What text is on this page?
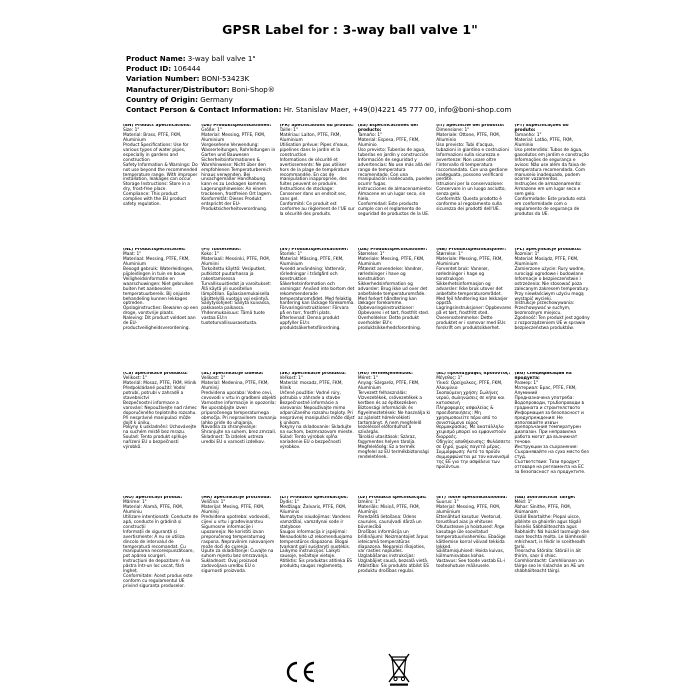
GPSR Label for : 3-way ball valve 1"
Product Name: 3-way ball valve 1"
Product ID: 106444
Variation Number: BONI-53423K
Manufacturer/Distributor: Boni-Shop®
Country of Origin: Germany
Contact Person & Contact Information: Hr. Stanislav Maer, +49(0)4221 45 777 00, info@boni-shop.com
(EN) Product Specifications:
Size: 1"
Material: Brass, PTFE, FKM, Aluminium
Product Specifications: Use for various types of water pipes, especially in gardens and construction
Safety Information & Warnings: Do not use beyond the recommended temperature range. With improper installation, leakages can occur.
Storage Instructions: Store in a dry, frost-free place.
Compliance: This product complies with the EU product safety regulation.
(DE) Produktspezifikationen:
Größe: 1"
Material: Messing, PTFE, FKM, Aluminium
Vorgesehene Verwendung: Wasserleitungen, Rohrleitungen in Garten und Bauwesen
Sicherheitsinformationen & Warnhinweise: Nicht über den empfohlenen Temperaturbereich hinaus verwenden. Bei unsachgemäßer Handhabung kann es zu Leckagen kommen.
Lagerungshinweise: An einem trockenen, frostfreien Ort lagern.
Konformität: Dieses Produkt entspricht der EU-Produktsicherheitsverordnung.
(FR) Spécifications du produit:
Taille: 1"
Matériau: Laiton, PTFE, FKM, Aluminium
Utilisation prévue: Pipes d'eaux, pipelines dans le jardin et la construction
Informations de sécurité et avertissements: Ne pas utiliser hors de la plage de température recommandée. En cas de manipulation inappropriée, des fuites peuvent se produire.
Instructions de stockage: Conserver dans un endroit sec, sans gel.
Conformité: Ce produit est conforme au règlement de l'UE sur la sécurité des produits.
(ES) Especificaciones del producto:
Tamaño: 1"
Material: Espesa, PTFE, FKM, Aluminio
Uso previsto: Tuberías de agua, tuberías en jardín y construcción
Información de seguridad y advertencias: No use más allá del rango de temperatura recomendado. Con una manipulación inadecuada, pueden ocurrir fugas.
Instrucciones de almacenamiento: Almacene en un lugar seco, sin hielo.
Conformidad: Este producto cumple con el reglamento de seguridad de productos de la UE.
(IT) Specifiche del prodotto:
Dimensione: 1"
Materiale: Ottone, PTFE, FKM, Alluminio
Uso previsto: Tubi d'acqua, tubazioni in giardino e costruzioni
Informazioni sulla sicurezza e avvertenze: Non usare oltre l'intervallo di temperatura raccomandato. Con una gestione inadeguata, possono verificarsi perdite.
Istruzioni per la conservazione: Conservare in un luogo asciutto, senza gelo.
Conformità: Questo prodotto è conforme al regolamento sulla sicurezza dei prodotti dell'UE.
(PT) Especificações do produto:
Tamanho: 1"
Material: Latão, PTFE, FKM, Alumínio
Uso pretendido: Tubos de água, gasodutos em jardim e construção
Informações de segurança e avisos: Não use além da faixa de temperatura recomendada. Com manuseio inadequado, podem ocorrer vazamentos.
Instruções de armazenamento: Armazene em um lugar seco e sem gelo.
Conformidade: Este produto está em conformidade com o regulamento de segurança de produtos da UE.
(NL) Productspecificaties:
Maat: 1"
Materiaal: Messing, PTFE, FKM, Aluminium
Beoogd gebruik: Waterleidingen, pijpleidingen in tuin en bouw
Veiligheidsinformatie en waarschuwingen: Niet gebruiken buiten het aanbevolen temperatuurbereik. Bij onjuiste behandeling kunnen lekkages optreden.
Opslaginstructies: Bewaren op een droge, vorstvrije plaats.
Naleving: Dit product voldoet aan de EU-productveiligheidsverordening.
(FI) Tuotetiedot:
Koko: 1"
Materiaali: Messinki, PTFE, FKM, Alumiini
Tarkoitettu käyttö: Vesiputket, putkistot puutarhassa ja rakentamisessa
Turvallisuustiedot ja varoitukset: Älä käytä yli suositellun lämpötilan. Epäasianmukaisella käsittelyllä vuotoja voi esiintyä.
Säilytysohjeet: Säilytä kuivassa, pakkasela paikassa.
Yhdenmukaisuus: Tämä tuote vastaa EU:n tuoteturvallisuusasetusta.
(SV) Produktspecifikationer:
Storlek: 1"
Material: Mässing, PTFE, FKM, Aluminium
Avsedd användning: Vattenrör, rörledningar i trädgård och konstruktion
Säkerhetsinformation och varningar: Använd inte bortom det rekommenderade temperaturområdet. Med felaktig hantering kan läckage förekomma.
Förvaringsinstruktioner: Förvara på en torr, frostfri plats.
Efterlevnad: Denna produkt uppfyller EU:s produktsäkerhetsförordning.
(DA) Produktspecifikationer:
Størrelse: 1"
Materiale: Messing, PTFE, FKM, Aluminium
Påtænkt anvendelse: Vandrør, rørledninger i have og konstruktion
Sikkerhedsinformation og advarsler: Brug ikke ud over det anbefalede temperaturområde. Med forkert håndtering kan lækager forekomme.
Opbevaringsinstruktioner: Opbevares i et tørt, frostfrit sted.
Overholdelse: Dette produkt overholder EU's produktsikkerhedsforordning.
(NB) Produktspesifikasjoner:
Størrelse: 1"
Materiale: Messing, PTFE, FKM, Aluminium
Forventet bruk: Vannrør, rørledninger i hage og konstruksjon
Sikkerhetsinformasjon og advarsler: Ikke bruk utover det anbefalte temperaturområdet. Med feil håndtering kan lekkasjer oppstå.
Lagringsinstruksjoner: Oppbevares på et tørt, frostfritt sted.
Overensstemmelse: Dette produktet er i samsvar med EUs forskrift om produktsikkerhet.
(PL) Specyfikacje produktu:
Rozmiar: 1"
Materiał: Mosiądz, PTFE, FKM, Aluminium
Zamierzone użycie: Rury wodne, rurociągi ogrodowe i budowlane
Informacje o bezpieczeństwie i ostrzeżenia: Nie stosować poza zalecanym zakresem temperatury. Przy niewłaściwym użyciu mogą wystąpić wycieki.
Instrukcje przechowywania: Przechowywać w suchym, bezmroźnym miejscu.
Zgodność: Ten produkt jest zgodny z rozporządzeniem UE w sprawie bezpieczeństwa produktów.
(CS) Specifikace produktu:
Velikost: 1"
Materiál: Mosaz, PTFE, FKM, Hliník
Předpokládané použití: Vodní potrubí, potrubí v zahradě a stavebnictví
Bezpečnostní informace a varování: Nepoužívejte nad rámec doporučeného teplotního rozsahu. Při nesprávné manipulaci může dojít k úniku.
Pokyny k uskladnění: Uchovávejte na suchém místě bez mrazu.
Soulad: Tento produkt splňuje nařízení EU o bezpečnosti výrobků.
(SL) Specifikacije izdelka:
Velikost: 1"
Material: Medenina, PTFE, FKM, Aluminij
Predvidena uporaba: Vodne cevi, cevovodi v vrtu in gradbeni objekti
Varnostne informacije in opozorila: Ne uporabljajte izven priporočenega temperaturnega območja. Pri nepravilnem ravnanju lahko pride do uhajanja.
Navodila za shranjevanje: Shranjujte na suhem, brez zmrzali.
Skladnost: Ta izdelek ustreza uredbi EU o varnosti izdelkov.
(SK) Špecifikácie produktu:
Veľkosť: 1"
Materiál: mosadz, PTFE, FKM, hliník
Určené použitie: Vodné rúry, potrubia v záhrade a stavbe
Bezpečnostné informácie a varovania: Nepoužívajte mimo odporúčaného rozsahu teploty. Pri nesprávnej manipulácii môže dôjsť k únikom.
Pokyny na skladovanie: Skladujte na suchom, bezmrazovom mieste.
Súlad: Tento výrobok spĺňa nariadenie EÚ o bezpečnosti výrobkov.
(HU) Termékjellemzők:
Méret: 1"
Anyag: Sárgaréz, PTFE, FKM, Alumínium
Tervezett felhasználás: Vízvezetékek, csővezetékek a kertben és az építkezésben
Biztonsági információk és figyelmeztetések: Ne használja ki az ajánlott hőmérsékleti tartományt. A nem megfelelő kezeléssel előfordulhat a szivárgás.
Tárolási utasítások: Száraz, fagymentes helyen tárolja.
Megfelelőség: Ez a termék megfelel az EU termékbiztonsági rendeletének.
(EL) Προδιαγραφές προϊόντος:
Μέγεθος: 1"
Υλικό: Ορείχαλκος, PTFE, FKM, Αλουμίνιο
Σκοπούμενη χρήση: Σωλήνες νερού, σωληνώσεις σε κήπο και κατασκευή
Πληροφορίες ασφαλείας & προειδοποιήσεις: Μη χρησιμοποιείτε πέρα από το συνιστώμενο εύρος θερμοκρασίας. Με ακατάλληλο χειρισμό μπορεί να εμφανιστούν διαρροές.
Οδηγίες αποθήκευσης: Φυλάσσετε σε ξηρό, χωρίς παγετό μέρος.
Συμμόρφωση: Αυτό το προϊόν συμμορφώνεται με τον κανονισμό της ΕΕ για την ασφάλεια των προϊόντων.
(BG) Спецификации на продукта:
Размер: 1"
Материал: Брас, PTFE, FKM, Алуминий
Предназначена употреба: Водопроводи, тръбопроводи в градината и строителството
Информация за безопасност и предупреждения: Не използвайте извън препоръчания температурен диапазон. При неправилна работа могат да възникнат течове.
Инструкции за съхранение: Съхранявайте на сухо място без студ.
Съответствие: Този продукт отговаря на регламента на ЕС за безопасност на продуктите.
(RO) Specificații produs:
Mărime: 1"
Material: Alamă, PTFE, FKM, Aluminiu
Utilizare intenționată: Conducte de apă, conducte în grădină și construcții
Informații de siguranță și avertismente: A nu se utiliza dincolo de intervalul de temperatură recomandat. Cu manipularea necorespunzătoare, pot apărea scurgeri.
Instrucțiuni de depozitare: A se păstra într-un loc uscat, fără îngheț.
Conformitate: Acest produs este conform cu regulamentul UE privind siguranța produselor.
(HR) Specifikacije proizvoda:
Veličina: 1"
Materijal: Mesing, PTFE, FKM, Aluminij
Predviđena upotreba: vodovodi, cijevi u vrtu i građevinarstvu
Sigurnosne informacije i upozorenja: Ne koristiti izvan preporučenog temperaturnog raspona. Nepravilnim rukovanjem može doći do curenja.
Upute za skladištenje: Čuvajte na suhom mjestu bez smrzavanja.
Sukladnost: Ovaj proizvod zadovoljava uredbu EU o sigurnosti proizvoda.
(LT) Produkto specifikacijos:
Dydis: 1"
Medžiaga: Žalvaris, PTFE, FKM, Aliuminis
Numatytas naudojimas: Vandens vamzdžiai, vamzdynai sode ir statybose
Saugos informacija ir įspėjimai: Nenaudokite už rekomenduojamo temperatūros diapazono. Blogai tvarkant gali susidaryti nuotėkis.
Laikymo instrukcijos: Laikyti sausoje, nešaltoje vietoje.
Atitiktis: Šis produktas atitinka ES produktų saugos reglamentą.
(LV) Produkta specifikācijas:
Izmērs: 1"
Materiāls: Misiņš, PTFE, FKM, Alumīnijs
Paredzētā lietošana: Ūdens caurules, cauruļvadi dārzā un būvniecībā
Drošības informācija un brīdinājumi: Neizmantojiet ārpus ieteicamā temperatūras diapazona. Nepareizi rīkojoties, var rasties noplūdes.
Uzglabāšanas instrukcijas: Uzglabājiet sausā, bezsalā vietā.
Atbilstība: Šis produkts atbilst ES produktu drošības regulai.
(ET) Toote spetsifikatsioonid:
Suurus: 1"
Materjal: Messing, PTFE, FKM, alumiinium
Ettenähtud kasutus: Veetorud, torustikud aias ja ehituses
Ohutusteave ja hoiatused: Ärge kasutage üle soovitatud temperatuurivahemiku. Ebaõige käitlemise korral võivad tekkida lekked.
Säilitamisjuhised: Hoida kuivas, külmumisvabas kohas.
Vastavus: See toode vastab EL-i tooteohutuse määrusele.
(GA) Sonraíochtaí Táirge:
Méid: 1"
Ábhar: Sínithe, PTFE, FKM, Alúmanam
Úsáid Beartaithe: Píopaí uisce, píblínte sa ghairdín agus tógáil
Faisnéis Sábháilteachta agus Rabhaidh: Ná húsáid lasmuigh den raon teochta molta. Le láimhseáil mhícheart, is féidir le sceitheadh tarlú.
Treoracha Stórála: Stóráil in áit thirim, saor ó shioc.
Comhlíontacht: Comhlíonann an táirge seo le rialachán an AE um shábháilteacht táirgí.
